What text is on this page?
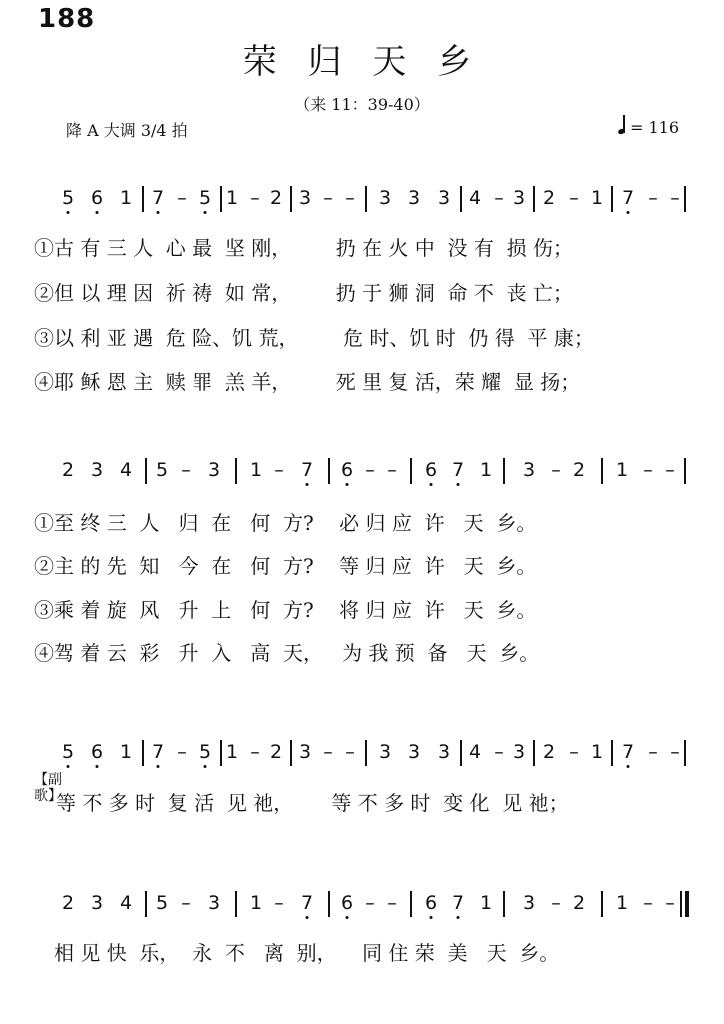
188
荣 归 天 乡
（来 11：39-40）
降 A 大调 3/4 拍	= 116
5 6 1 7 – 5 1 – 2 3 – – 3 3 3 4 – 3 2 – 1 7 – –
①古 有 三 人  心 最  坚 刚，       扔 在 火 中  没 有  损 伤；
②但 以 理 因  祈 祷  如 常，       扔 于 狮 洞  命 不  丧 亡；
③以 利 亚 遇  危 险、饥 荒，       危 时、饥 时  仍 得  平 康；
④耶 稣 恩 主  赎 罪  羔 羊，       死 里 复 活，荣 耀  显 扬；
2 3 4 5 – 3 1 – 7 6 – – 6 7 1 3 – 2 1 – –
①至 终 三  人   归  在   何  方?    必 归 应  许   天  乡。
②主 的 先  知   今  在   何  方?    等 归 应  许   天  乡。
③乘 着 旋  风   升  上   何  方?    将 归 应  许   天  乡。
④驾 着 云  彩   升  入   高  天，   为 我 预  备   天  乡。
5 6 1 7 – 5 1 – 2 3 – – 3 3 3 4 – 3 2 – 1 7 – –
【副歌】
等 不 多 时  复 活  见 祂，      等 不 多 时  变 化  见 祂；
2 3 4 5 – 3 1 – 7 6 – – 6 7 1 3 – 2 1 – –
相 见 快  乐，  永  不   离  别，    同 住 荣  美   天  乡。
